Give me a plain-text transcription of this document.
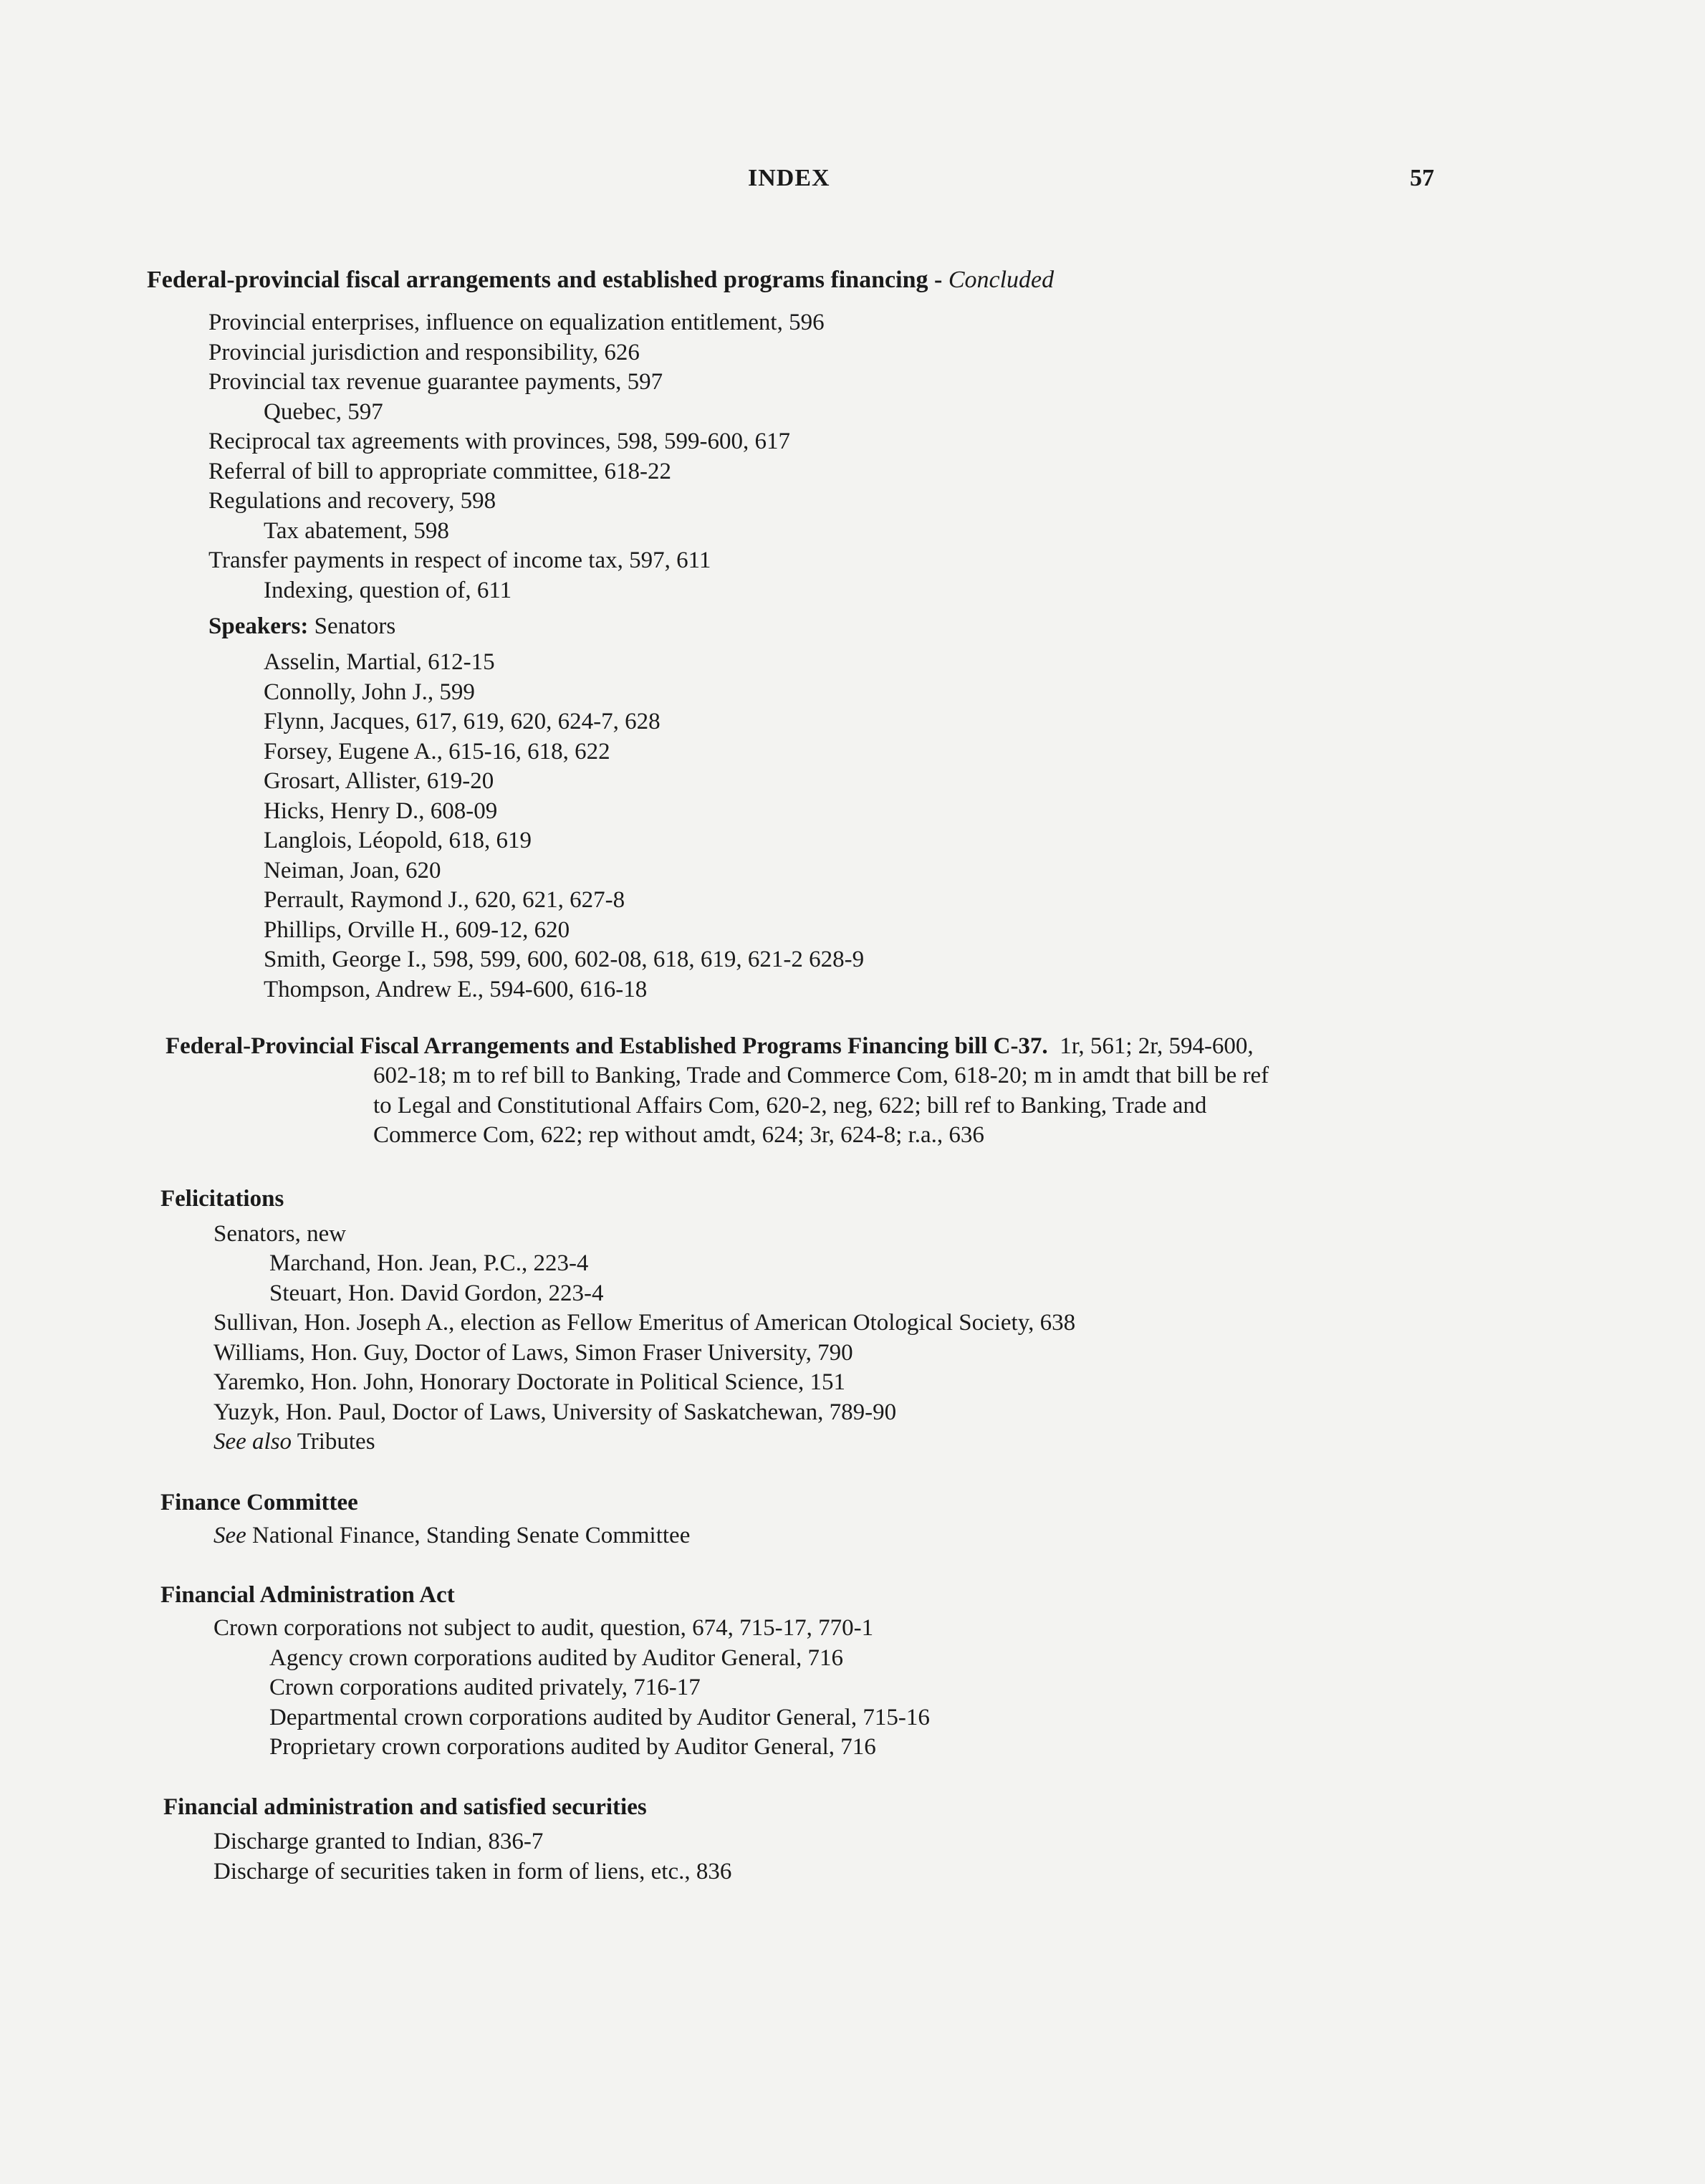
INDEX	57
Federal-provincial fiscal arrangements and established programs financing - Concluded
Provincial enterprises, influence on equalization entitlement, 596
Provincial jurisdiction and responsibility, 626
Provincial tax revenue guarantee payments, 597
Quebec, 597
Reciprocal tax agreements with provinces, 598, 599-600, 617
Referral of bill to appropriate committee, 618-22
Regulations and recovery, 598
Tax abatement, 598
Transfer payments in respect of income tax, 597, 611
Indexing, question of, 611
Speakers: Senators
Asselin, Martial, 612-15
Connolly, John J., 599
Flynn, Jacques, 617, 619, 620, 624-7, 628
Forsey, Eugene A., 615-16, 618, 622
Grosart, Allister, 619-20
Hicks, Henry D., 608-09
Langlois, Léopold, 618, 619
Neiman, Joan, 620
Perrault, Raymond J., 620, 621, 627-8
Phillips, Orville H., 609-12, 620
Smith, George I., 598, 599, 600, 602-08, 618, 619, 621-2 628-9
Thompson, Andrew E., 594-600, 616-18
Federal-Provincial Fiscal Arrangements and Established Programs Financing bill C-37. 1r, 561; 2r, 594-600,
602-18; m to ref bill to Banking, Trade and Commerce Com, 618-20; m in amdt that bill be ref
to Legal and Constitutional Affairs Com, 620-2, neg, 622; bill ref to Banking, Trade and
Commerce Com, 622; rep without amdt, 624; 3r, 624-8; r.a., 636
Felicitations
Senators, new
Marchand, Hon. Jean, P.C., 223-4
Steuart, Hon. David Gordon, 223-4
Sullivan, Hon. Joseph A., election as Fellow Emeritus of American Otological Society, 638
Williams, Hon. Guy, Doctor of Laws, Simon Fraser University, 790
Yaremko, Hon. John, Honorary Doctorate in Political Science, 151
Yuzyk, Hon. Paul, Doctor of Laws, University of Saskatchewan, 789-90
See also Tributes
Finance Committee
See National Finance, Standing Senate Committee
Financial Administration Act
Crown corporations not subject to audit, question, 674, 715-17, 770-1
Agency crown corporations audited by Auditor General, 716
Crown corporations audited privately, 716-17
Departmental crown corporations audited by Auditor General, 715-16
Proprietary crown corporations audited by Auditor General, 716
Financial administration and satisfied securities
Discharge granted to Indian, 836-7
Discharge of securities taken in form of liens, etc., 836
